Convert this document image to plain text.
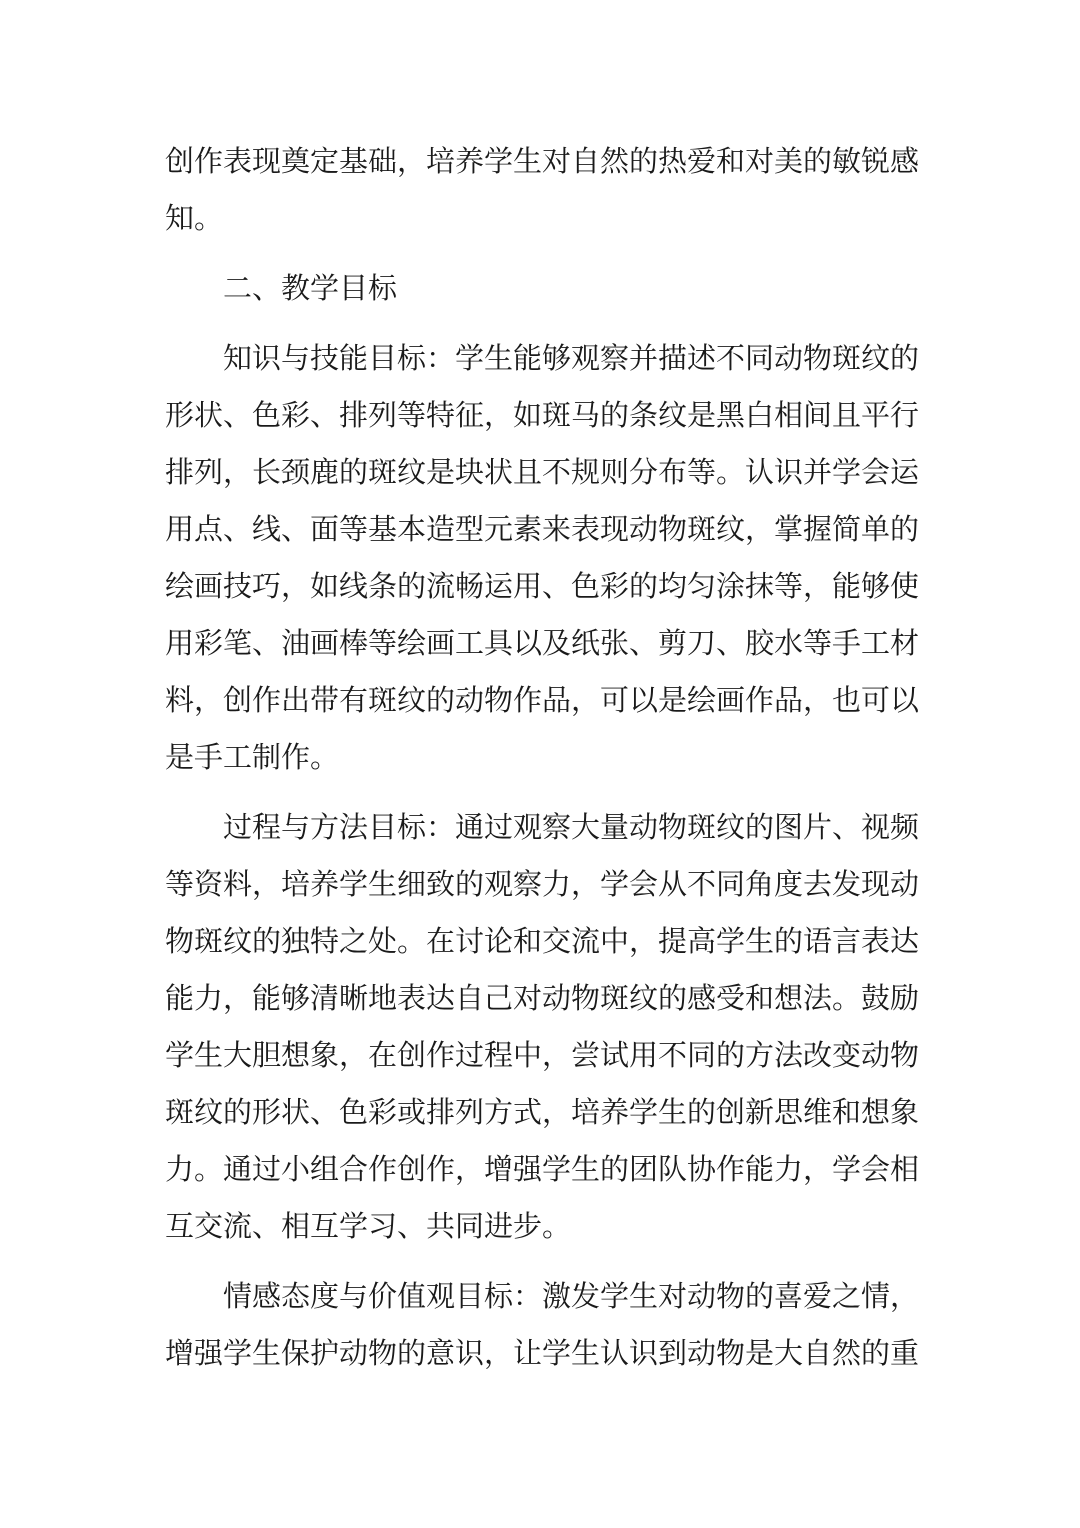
创作表现奠定基础，培养学生对自然的热爱和对美的敏锐感
知。

二、教学目标

知识与技能目标：学生能够观察并描述不同动物斑纹的
形状、色彩、排列等特征，如斑马的条纹是黑白相间且平行
排列，长颈鹿的斑纹是块状且不规则分布等。认识并学会运
用点、线、面等基本造型元素来表现动物斑纹，掌握简单的
绘画技巧，如线条的流畅运用、色彩的均匀涂抹等，能够使
用彩笔、油画棒等绘画工具以及纸张、剪刀、胶水等手工材
料，创作出带有斑纹的动物作品，可以是绘画作品，也可以
是手工制作。

过程与方法目标：通过观察大量动物斑纹的图片、视频
等资料，培养学生细致的观察力，学会从不同角度去发现动
物斑纹的独特之处。在讨论和交流中，提高学生的语言表达
能力，能够清晰地表达自己对动物斑纹的感受和想法。鼓励
学生大胆想象，在创作过程中，尝试用不同的方法改变动物
斑纹的形状、色彩或排列方式，培养学生的创新思维和想象
力。通过小组合作创作，增强学生的团队协作能力，学会相
互交流、相互学习、共同进步。

情感态度与价值观目标：激发学生对动物的喜爱之情，
增强学生保护动物的意识，让学生认识到动物是大自然的重
